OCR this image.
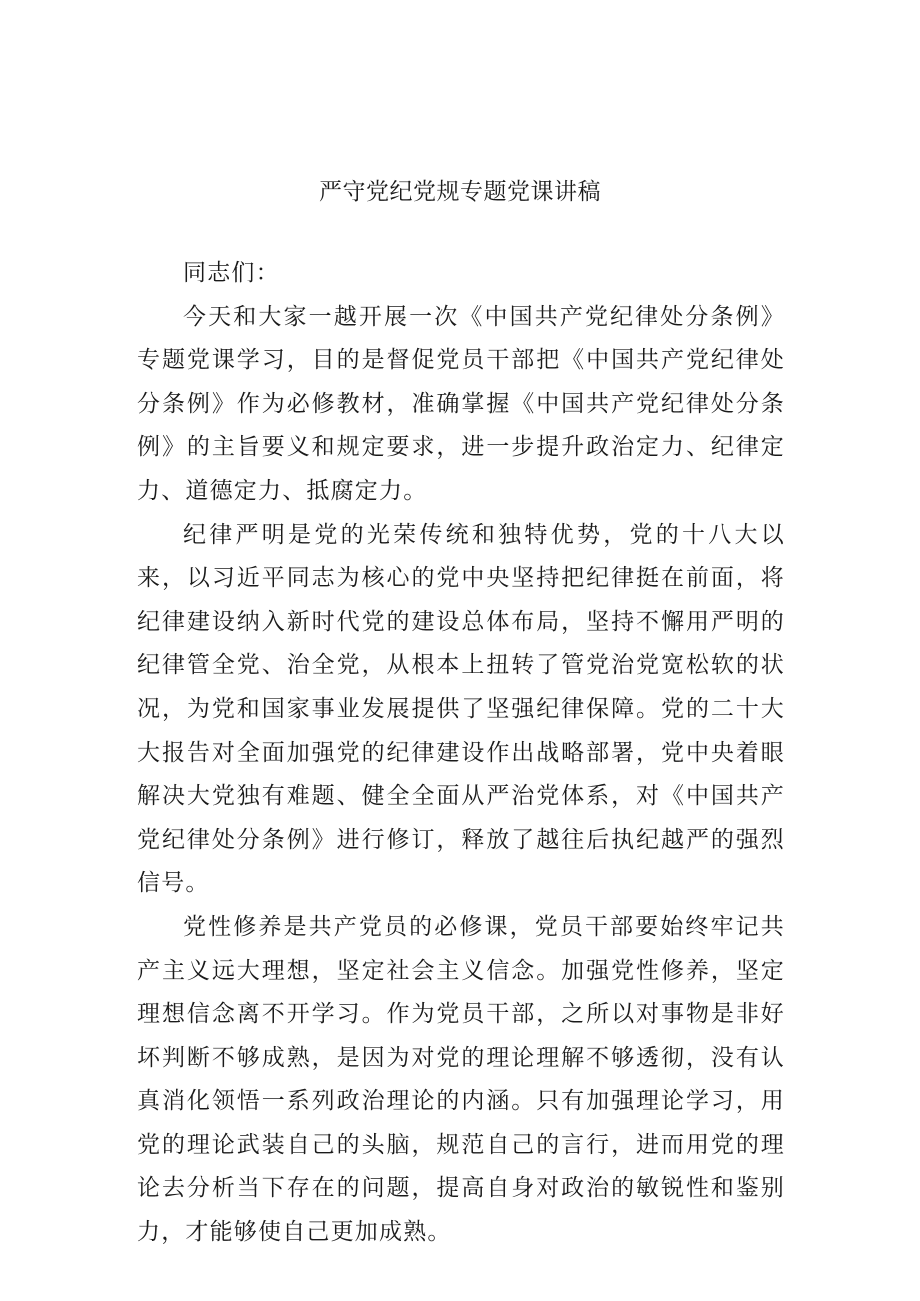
严守党纪党规专题党课讲稿

同志们：

今天和大家一越开展一次《中国共产党纪律处分条例》专题党课学习，目的是督促党员干部把《中国共产党纪律处分条例》作为必修教材，准确掌握《中国共产党纪律处分条例》的主旨要义和规定要求，进一步提升政治定力、纪律定力、道德定力、抵腐定力。

纪律严明是党的光荣传统和独特优势，党的十八大以来，以习近平同志为核心的党中央坚持把纪律挺在前面，将纪律建设纳入新时代党的建设总体布局，坚持不懈用严明的纪律管全党、治全党，从根本上扭转了管党治党宽松软的状况，为党和国家事业发展提供了坚强纪律保障。党的二十大大报告对全面加强党的纪律建设作出战略部署，党中央着眼解决大党独有难题、健全全面从严治党体系，对《中国共产党纪律处分条例》进行修订，释放了越往后执纪越严的强烈信号。

党性修养是共产党员的必修课，党员干部要始终牢记共产主义远大理想，坚定社会主义信念。加强党性修养，坚定理想信念离不开学习。作为党员干部，之所以对事物是非好坏判断不够成熟，是因为对党的理论理解不够透彻，没有认真消化领悟一系列政治理论的内涵。只有加强理论学习，用党的理论武装自己的头脑，规范自己的言行，进而用党的理论去分析当下存在的问题，提高自身对政治的敏锐性和鉴别力，才能够使自己更加成熟。
